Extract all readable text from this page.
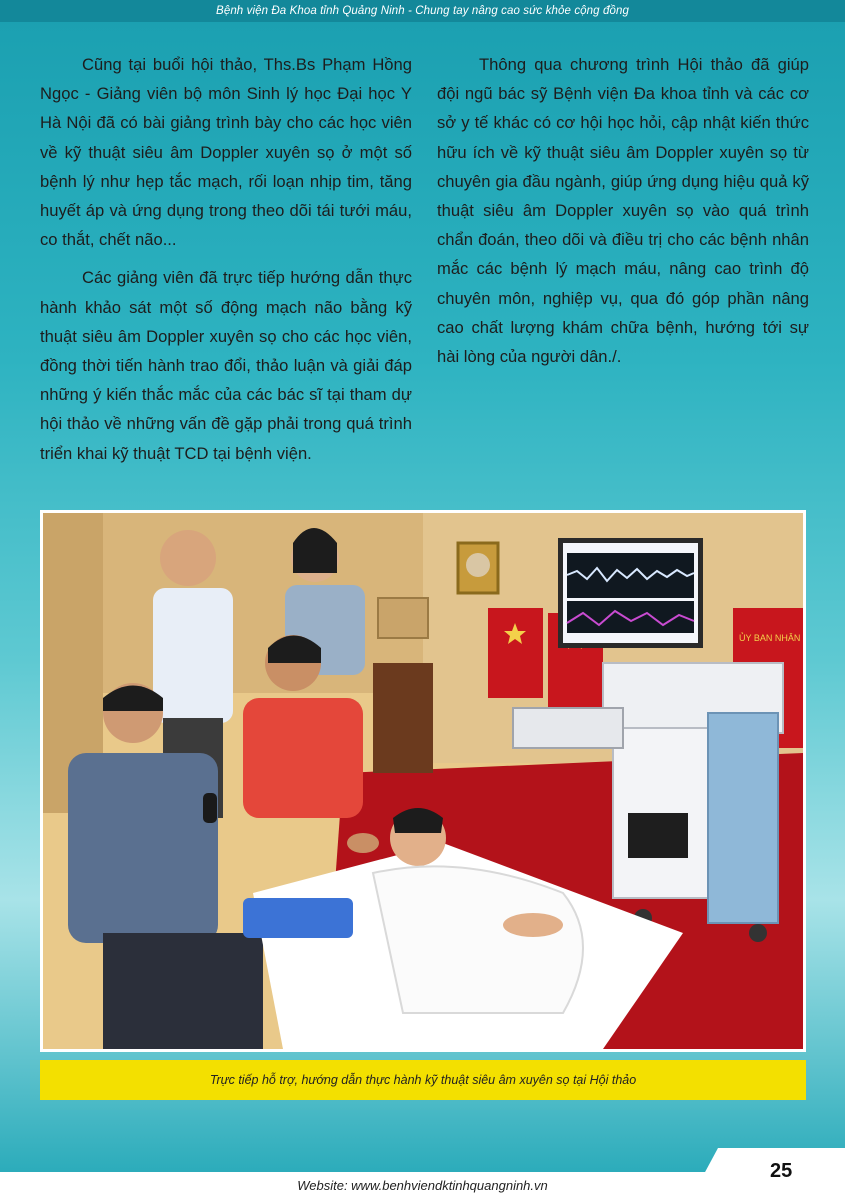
Bệnh viện Đa Khoa tỉnh Quảng Ninh - Chung tay nâng cao sức khỏe cộng đồng

Cũng tại buổi hội thảo, Ths.Bs Phạm Hồng Ngọc - Giảng viên bộ môn Sinh lý học Đại học Y Hà Nội đã có bài giảng trình bày cho các học viên về kỹ thuật siêu âm Doppler xuyên sọ ở một số bệnh lý như hẹp tắc mạch, rối loạn nhịp tim, tăng huyết áp và ứng dụng trong theo dõi tái tưới máu, co thắt, chết não...

Các giảng viên đã trực tiếp hướng dẫn thực hành khảo sát một số động mạch não bằng kỹ thuật siêu âm Doppler xuyên sọ cho các học viên, đồng thời tiến hành trao đổi, thảo luận và giải đáp những ý kiến thắc mắc của các bác sĩ tại tham dự hội thảo về những vấn đề gặp phải trong quá trình triển khai kỹ thuật TCD tại bệnh viện.

Thông qua chương trình Hội thảo đã giúp đội ngũ bác sỹ Bệnh viện Đa khoa tỉnh và các cơ sở y tế khác có cơ hội học hỏi, cập nhật kiến thức hữu ích về kỹ thuật siêu âm Doppler xuyên sọ từ chuyên gia đầu ngành, giúp ứng dụng hiệu quả kỹ thuật siêu âm Doppler xuyên sọ vào quá trình chẩn đoán, theo dõi và điều trị cho các bệnh nhân mắc các bệnh lý mạch máu, nâng cao trình độ chuyên môn, nghiệp vụ, qua đó góp phần nâng cao chất lượng khám chữa bệnh, hướng tới sự hài lòng của người dân./.

ỦY BAN NHÂN
Trực tiếp hỗ trợ, hướng dẫn thực hành kỹ thuật siêu âm xuyên sọ tại Hội thảo
25
Website: www.benhviendktinhquangninh.vn
